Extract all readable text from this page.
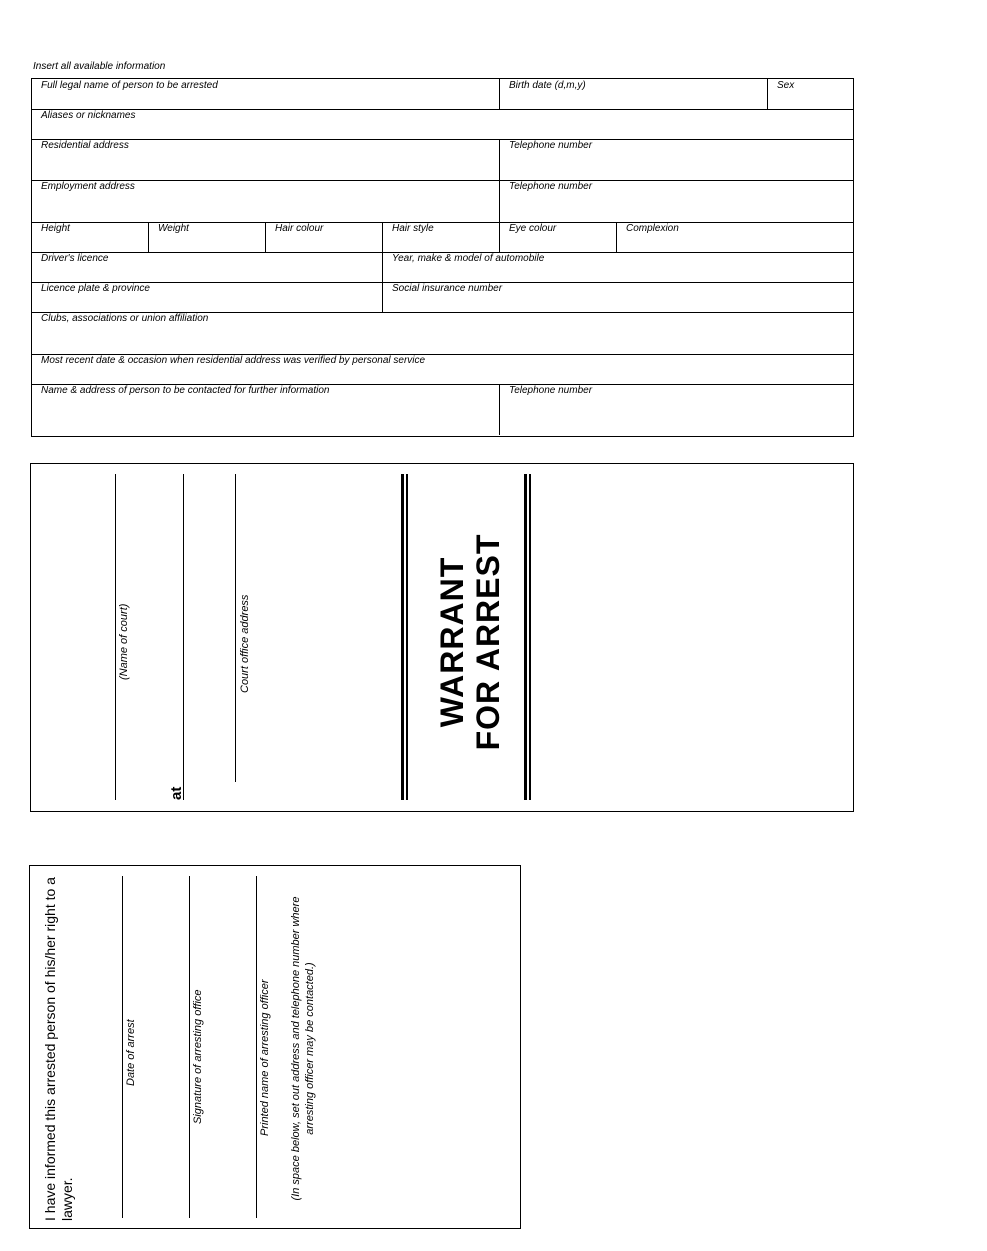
Insert all available information
Full legal name of person to be arrested	Birth date (d,m,y)	Sex
Aliases or nicknames
Residential address	Telephone number
Employment address	Telephone number
Height	Weight	Hair colour	Hair style	Eye colour	Complexion
Driver's licence	Year, make & model of automobile
Licence plate & province	Social insurance number
Clubs, associations or union affiliation
Most recent date & occasion when residential address was verified by personal service
Name & address of person to be contacted for further information	Telephone number
(Name of court)
at
Court office address	WARRANT FOR ARREST
I have informed this arrested person of his/her right to a lawyer.
Date of arrest	Signature of arresting office	Printed name of arresting officer (In space below, set out address and telephone number where arresting officer may be contacted.)
